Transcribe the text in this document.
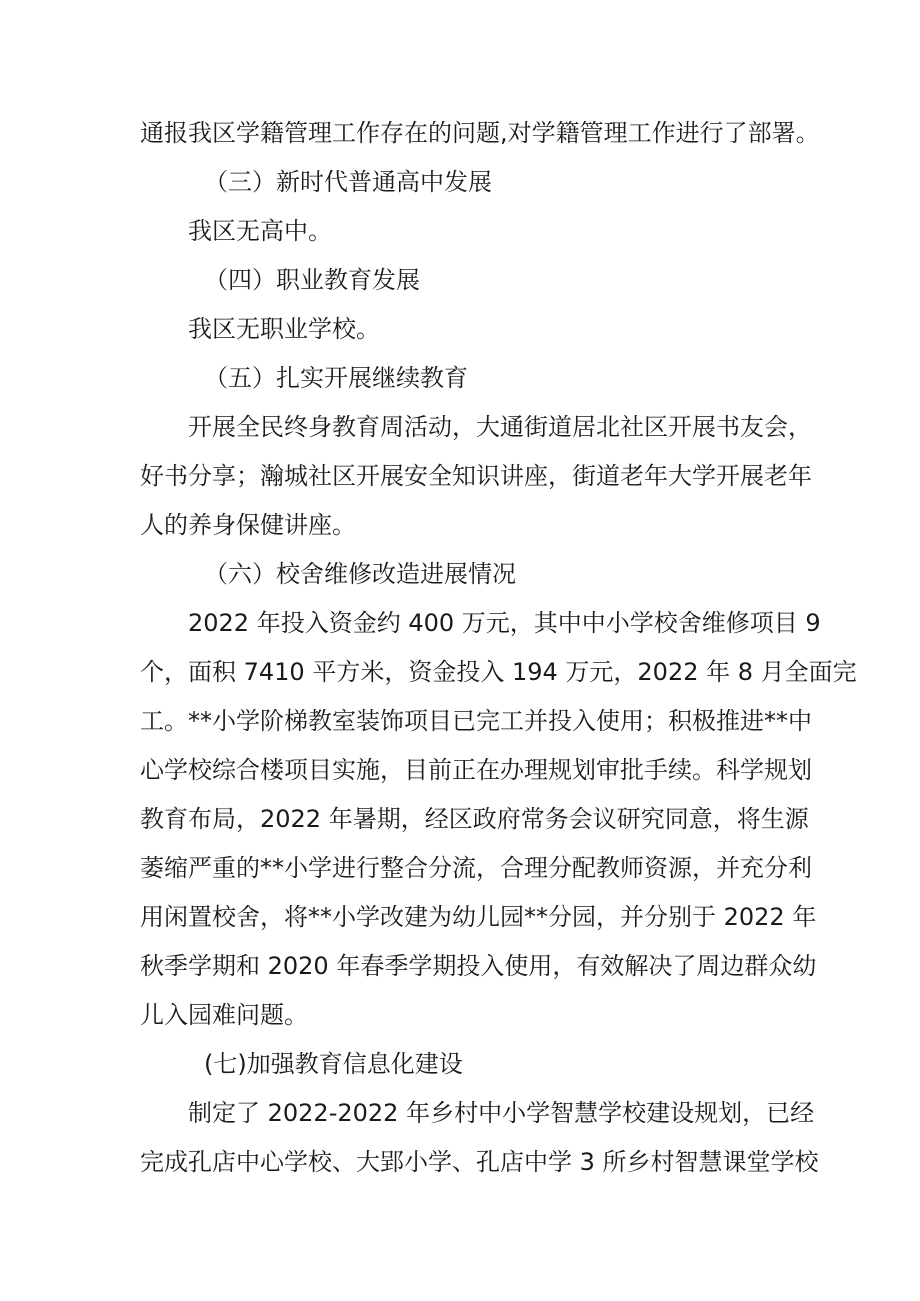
通报我区学籍管理工作存在的问题,对学籍管理工作进行了部署。
（三）新时代普通高中发展
我区无高中。
（四）职业教育发展
我区无职业学校。
（五）扎实开展继续教育
开展全民终身教育周活动，大通街道居北社区开展书友会，
好书分享；瀚城社区开展安全知识讲座，街道老年大学开展老年
人的养身保健讲座。
（六）校舍维修改造进展情况
2022 年投入资金约 400 万元，其中中小学校舍维修项目 9
个，面积 7410 平方米，资金投入 194 万元，2022 年 8 月全面完
工。**小学阶梯教室装饰项目已完工并投入使用；积极推进**中
心学校综合楼项目实施，目前正在办理规划审批手续。科学规划
教育布局，2022 年暑期，经区政府常务会议研究同意，将生源
萎缩严重的**小学进行整合分流，合理分配教师资源，并充分利
用闲置校舍，将**小学改建为幼儿园**分园，并分别于 2022 年
秋季学期和 2020 年春季学期投入使用，有效解决了周边群众幼
儿入园难问题。
(七)加强教育信息化建设
制定了 2022-2022 年乡村中小学智慧学校建设规划，已经
完成孔店中心学校、大郢小学、孔店中学 3 所乡村智慧课堂学校
